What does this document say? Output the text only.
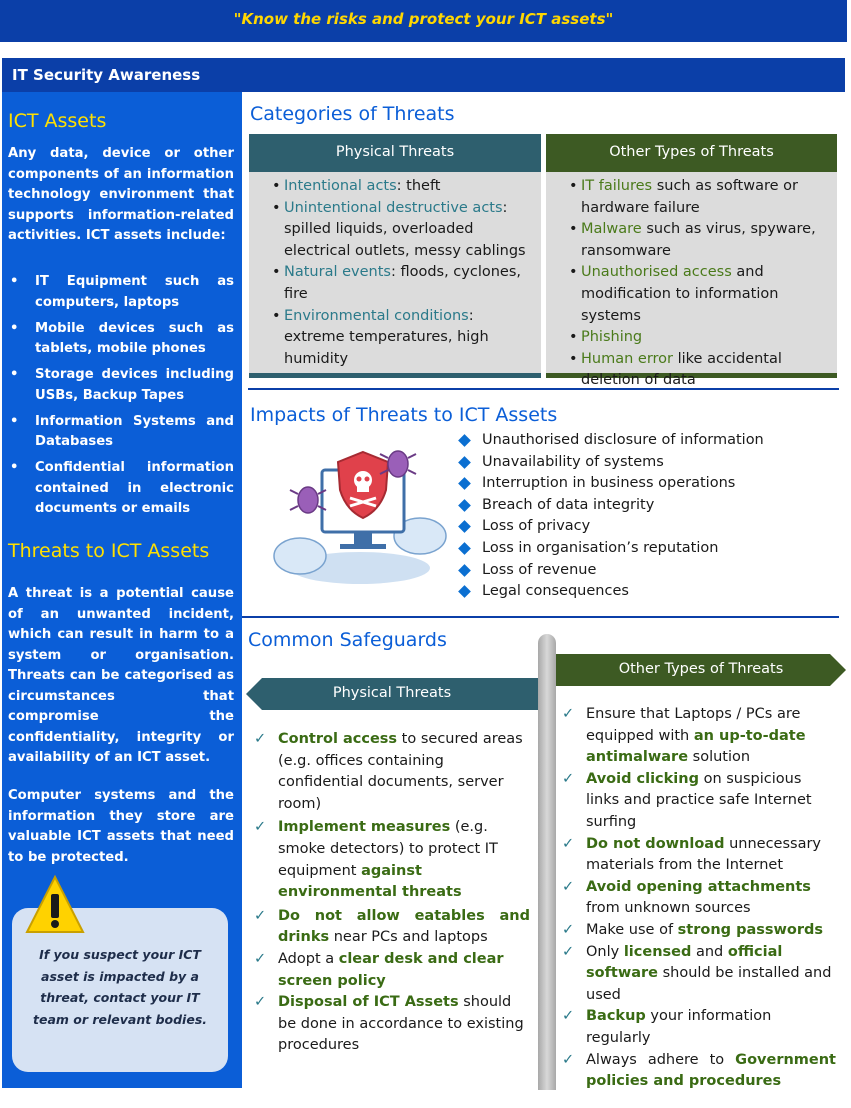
"Know the risks and protect your ICT assets"
IT Security Awareness
ICT Assets
Any data, device or other components of an information technology environment that supports information-related activities. ICT assets include:
• IT Equipment such as computers, laptops
• Mobile devices such as tablets, mobile phones
• Storage devices including USBs, Backup Tapes
• Information Systems and Databases
• Confidential information contained in electronic documents or emails
Threats to ICT Assets
A threat is a potential cause of an unwanted incident, which can result in harm to a system or organisation. Threats can be categorised as circumstances that compromise the confidentiality, integrity or availability of an ICT asset.
Computer systems and the information they store are valuable ICT assets that need to be protected.
If you suspect your ICT asset is impacted by a threat, contact your IT team or relevant bodies.
Categories of Threats
Physical Threats
• Intentional acts: theft
• Unintentional destructive acts: spilled liquids, overloaded electrical outlets, messy cablings
• Natural events: floods, cyclones, fire
• Environmental conditions: extreme temperatures, high humidity
Other Types of Threats
• IT failures such as software or hardware failure
• Malware such as virus, spyware, ransomware
• Unauthorised access and modification to information systems
• Phishing
• Human error like accidental deletion of data
Impacts of Threats to ICT Assets
Unauthorised disclosure of information
Unavailability of systems
Interruption in business operations
Breach of data integrity
Loss of privacy
Loss in organisation’s reputation
Loss of revenue
Legal consequences
Common Safeguards
Physical Threats
Other Types of Threats
✓ Control access to secured areas (e.g. offices containing confidential documents, server room)
✓ Implement measures (e.g. smoke detectors) to protect IT equipment against environmental threats
✓ Do not allow eatables and drinks near PCs and laptops
✓ Adopt a clear desk and clear screen policy
✓ Disposal of ICT Assets should be done in accordance to existing procedures
✓ Ensure that Laptops / PCs are equipped with an up-to-date antimalware solution
✓ Avoid clicking on suspicious links and practice safe Internet surfing
✓ Do not download unnecessary materials from the Internet
✓ Avoid opening attachments from unknown sources
✓ Make use of strong passwords
✓ Only licensed and official software should be installed and used
✓ Backup your information regularly
✓ Always adhere to Government policies and procedures
